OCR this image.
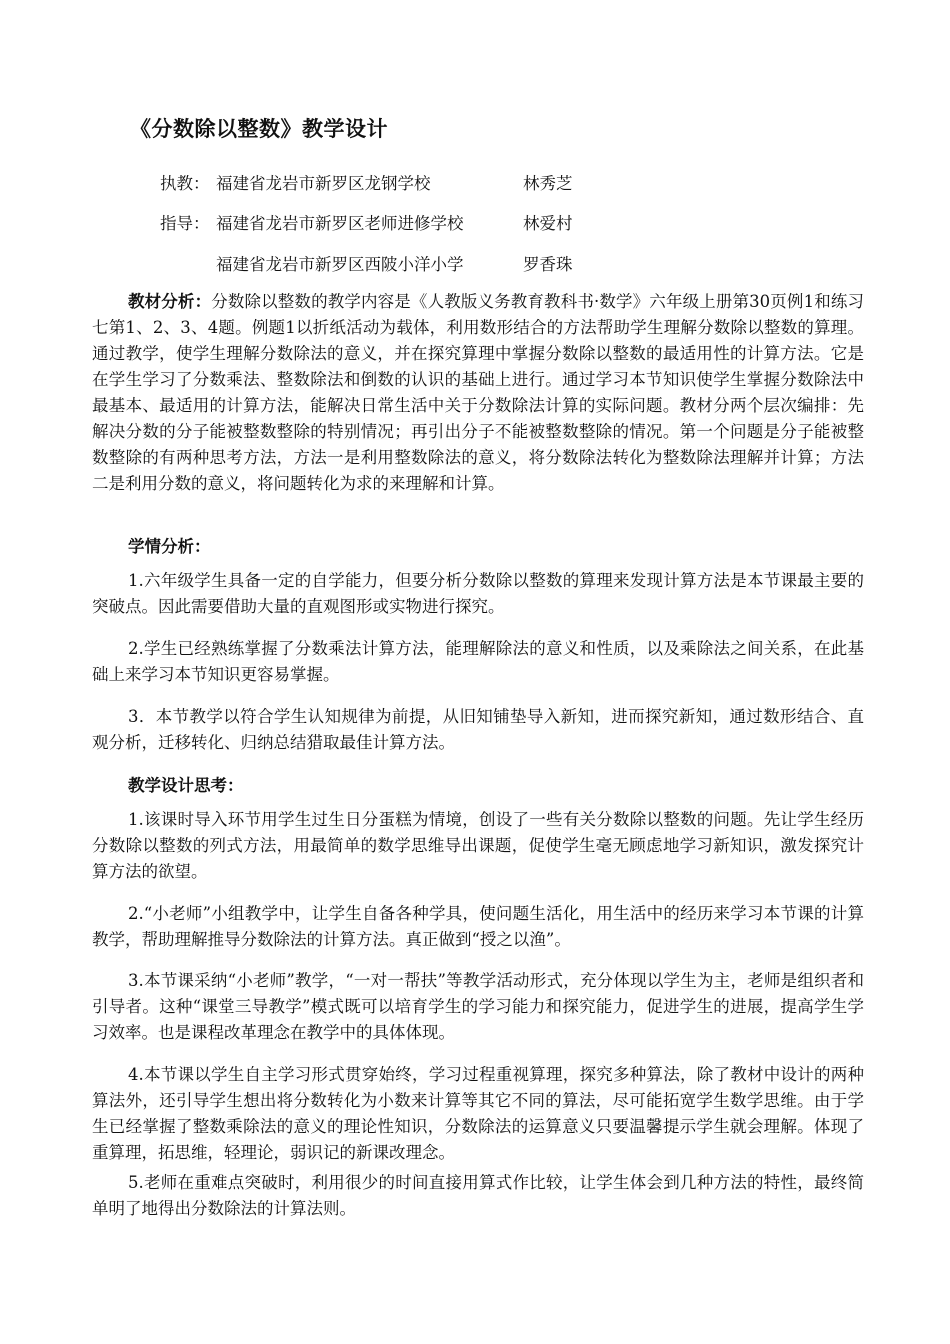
《分数除以整数》教学设计
执教： 福建省龙岩市新罗区龙钢学校	林秀芝
指导： 福建省龙岩市新罗区老师进修学校	林爱村
福建省龙岩市新罗区西陂小洋小学	罗香珠

教材分析：分数除以整数的教学内容是《人教版义务教育教科书·数学》六年级上册第30页例1和练习七第1、2、3、4题。例题1以折纸活动为载体，利用数形结合的方法帮助学生理解分数除以整数的算理。通过教学，使学生理解分数除法的意义，并在探究算理中掌握分数除以整数的最适用性的计算方法。它是在学生学习了分数乘法、整数除法和倒数的认识的基础上进行。通过学习本节知识使学生掌握分数除法中最基本、最适用的计算方法，能解决日常生活中关于分数除法计算的实际问题。教材分两个层次编排：先解决分数的分子能被整数整除的特别情况；再引出分子不能被整数整除的情况。第一个问题是分子能被整数整除的有两种思考方法，方法一是利用整数除法的意义，将分数除法转化为整数除法理解并计算；方法二是利用分数的意义，将问题转化为求的来理解和计算。

学情分析：

1.六年级学生具备一定的自学能力，但要分析分数除以整数的算理来发现计算方法是本节课最主要的突破点。因此需要借助大量的直观图形或实物进行探究。

2.学生已经熟练掌握了分数乘法计算方法，能理解除法的意义和性质，以及乘除法之间关系，在此基础上来学习本节知识更容易掌握。

3．本节教学以符合学生认知规律为前提，从旧知铺垫导入新知，进而探究新知，通过数形结合、直观分析，迁移转化、归纳总结猎取最佳计算方法。

教学设计思考：

1.该课时导入环节用学生过生日分蛋糕为情境，创设了一些有关分数除以整数的问题。先让学生经历分数除以整数的列式方法，用最简单的数学思维导出课题，促使学生毫无顾虑地学习新知识，激发探究计算方法的欲望。

2.“小老师”小组教学中，让学生自备各种学具，使问题生活化，用生活中的经历来学习本节课的计算教学，帮助理解推导分数除法的计算方法。真正做到“授之以渔”。

3.本节课采纳“小老师”教学，“一对一帮扶”等教学活动形式，充分体现以学生为主，老师是组织者和引导者。这种“课堂三导教学”模式既可以培育学生的学习能力和探究能力，促进学生的进展，提高学生学习效率。也是课程改革理念在教学中的具体体现。

4.本节课以学生自主学习形式贯穿始终，学习过程重视算理，探究多种算法，除了教材中设计的两种算法外，还引导学生想出将分数转化为小数来计算等其它不同的算法，尽可能拓宽学生数学思维。由于学生已经掌握了整数乘除法的意义的理论性知识，分数除法的运算意义只要温馨提示学生就会理解。体现了重算理，拓思维，轻理论，弱识记的新课改理念。

5.老师在重难点突破时，利用很少的时间直接用算式作比较，让学生体会到几种方法的特性，最终简单明了地得出分数除法的计算法则。
